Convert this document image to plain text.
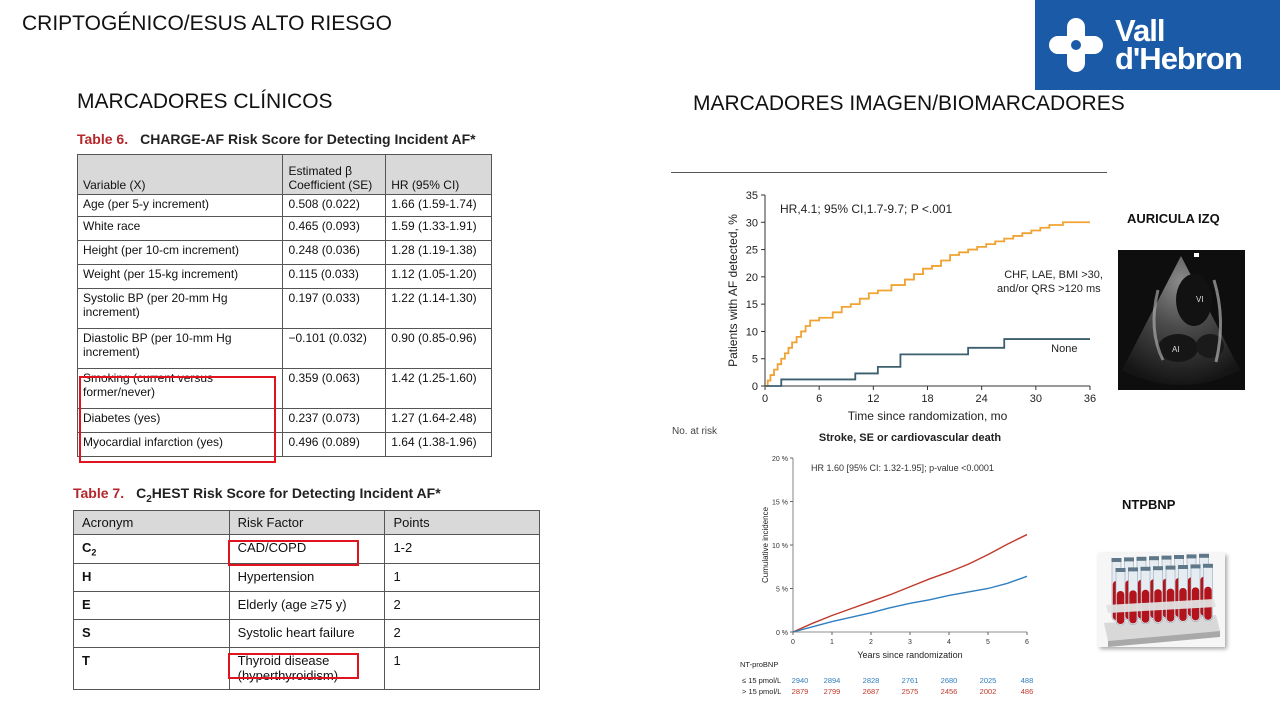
CRIPTOGÉNICO/ESUS ALTO RIESGO	Vall
d'Hebron
MARCADORES CLÍNICOS	MARCADORES IMAGEN/BIOMARCADORES
Table 6. CHARGE-AF Risk Score for Detecting Incident AF*
Variable (X)	Estimated β Coefficient (SE)	HR (95% CI)
Age (per 5-y increment)	0.508 (0.022)	1.66 (1.59-1.74)
White race	0.465 (0.093)	1.59 (1.33-1.91)
Height (per 10-cm increment)	0.248 (0.036)	1.28 (1.19-1.38)
Weight (per 15-kg increment)	0.115 (0.033)	1.12 (1.05-1.20)
Systolic BP (per 20-mm Hg increment)	0.197 (0.033)	1.22 (1.14-1.30)
Diastolic BP (per 10-mm Hg increment)	−0.101 (0.032)	0.90 (0.85-0.96)
Smoking (current versus former/never)	0.359 (0.063)	1.42 (1.25-1.60)
Diabetes (yes)	0.237 (0.073)	1.27 (1.64-2.48)
Myocardial infarction (yes)	0.496 (0.089)	1.64 (1.38-1.96)
Table 7. $C_2HEST$ Risk Score for Detecting Incident AF*
Acronym	Risk Factor	Points
$C_2$	CAD/COPD	1-2
H	Hypertension	1
E	Elderly (age ≥75 y)	2
S	Systolic heart failure	2
T	Thyroid disease (hyperthyroidism)	1
0
5
10
15
20
25
30
35
0	6	12	18	24	30	36
Time since randomization, mo
Patients with AF detected, %
HR,4.1; 95% CI,1.7-9.7; P <.001
CHF, LAE, BMI >30, and/or QRS >120 ms
None
No. at risk
Stroke, SE or cardiovascular death
0 %
5 %
10 %
15 %
20 %
0	1	2	3	4	5	6
Years since randomization
Cumulative incidence
HR 1.60 [95% CI: 1.32-1.95]; p-value <0.0001
NT-proBNP
≤ 15 pmol/L 2940 2894	2828	2761	2680	2025	488
> 15 pmol/L 2879 2799	2687	2575	2456	2002	486
AURICULA IZQ
VI
AI
NTPBNP
